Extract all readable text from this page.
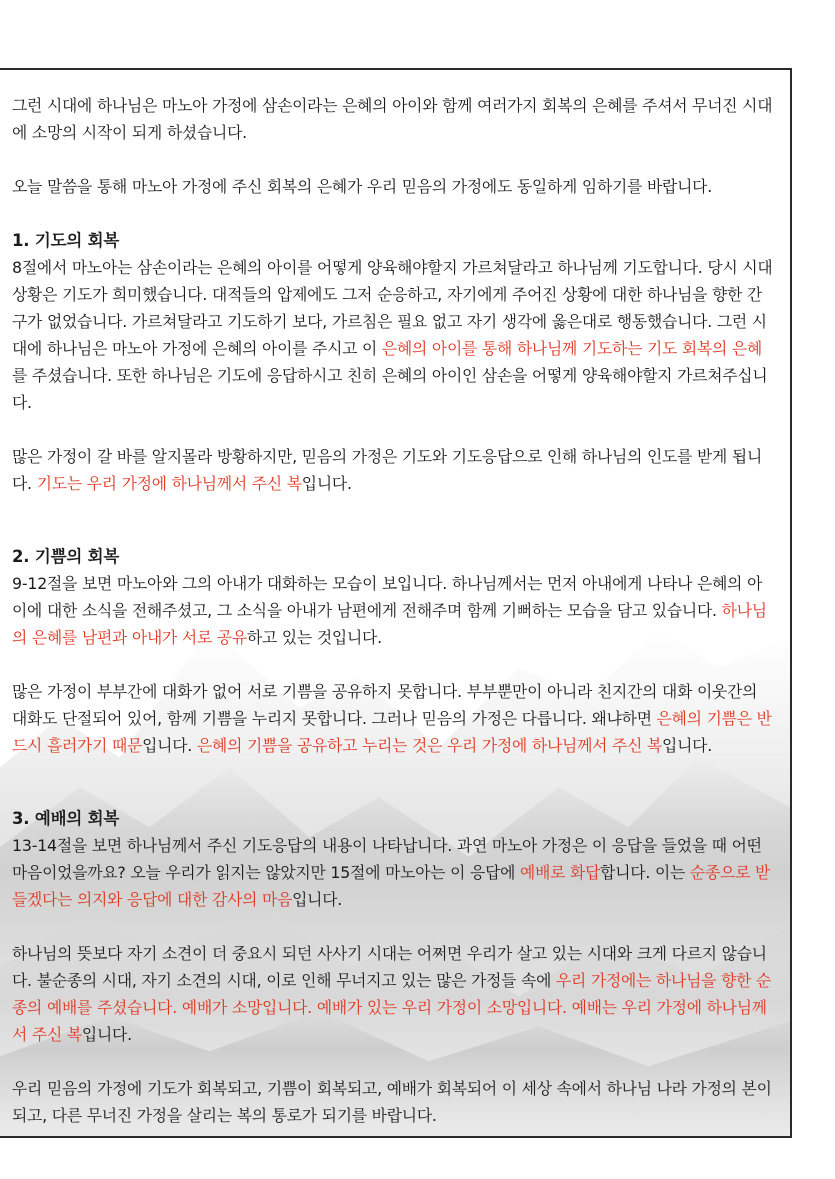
그런 시대에 하나님은 마노아 가정에 삼손이라는 은혜의 아이와 함께 여러가지 회복의 은혜를 주셔서 무너진 시대에 소망의 시작이 되게 하셨습니다.

오늘 말씀을 통해 마노아 가정에 주신 회복의 은혜가 우리 믿음의 가정에도 동일하게 임하기를 바랍니다.

1. 기도의 회복

8절에서 마노아는 삼손이라는 은혜의 아이를 어떻게 양육해야할지 가르쳐달라고 하나님께 기도합니다. 당시 시대상황은 기도가 희미했습니다. 대적들의 압제에도 그저 순응하고, 자기에게 주어진 상황에 대한 하나님을 향한 간구가 없었습니다. 가르쳐달라고 기도하기 보다, 가르침은 필요 없고 자기 생각에 옳은대로 행동했습니다. 그런 시대에 하나님은 마노아 가정에 은혜의 아이를 주시고 이 은혜의 아이를 통해 하나님께 기도하는 기도 회복의 은혜를 주셨습니다. 또한 하나님은 기도에 응답하시고 친히 은혜의 아이인 삼손을 어떻게 양육해야할지 가르쳐주십니다.

많은 가정이 갈 바를 알지몰라 방황하지만, 믿음의 가정은 기도와 기도응답으로 인해 하나님의 인도를 받게 됩니다. 기도는 우리 가정에 하나님께서 주신 복입니다.

2. 기쁨의 회복

9-12절을 보면 마노아와 그의 아내가 대화하는 모습이 보입니다. 하나님께서는 먼저 아내에게 나타나 은혜의 아이에 대한 소식을 전해주셨고, 그 소식을 아내가 남편에게 전해주며 함께 기뻐하는 모습을 담고 있습니다. 하나님의 은혜를 남편과 아내가 서로 공유하고 있는 것입니다.

많은 가정이 부부간에 대화가 없어 서로 기쁨을 공유하지 못합니다. 부부뿐만이 아니라 친지간의 대화 이웃간의 대화도 단절되어 있어, 함께 기쁨을 누리지 못합니다. 그러나 믿음의 가정은 다릅니다. 왜냐하면 은혜의 기쁨은 반드시 흘러가기 때문입니다. 은혜의 기쁨을 공유하고 누리는 것은 우리 가정에 하나님께서 주신 복입니다.

3. 예배의 회복

13-14절을 보면 하나님께서 주신 기도응답의 내용이 나타납니다. 과연 마노아 가정은 이 응답을 들었을 때 어떤 마음이었을까요? 오늘 우리가 읽지는 않았지만 15절에 마노아는 이 응답에 예배로 화답합니다. 이는 순종으로 받들겠다는 의지와 응답에 대한 감사의 마음입니다.

하나님의 뜻보다 자기 소견이 더 중요시 되던 사사기 시대는 어쩌면 우리가 살고 있는 시대와 크게 다르지 않습니다. 불순종의 시대, 자기 소견의 시대, 이로 인해 무너지고 있는 많은 가정들 속에 우리 가정에는 하나님을 향한 순종의 예배를 주셨습니다. 예배가 소망입니다. 예배가 있는 우리 가정이 소망입니다. 예배는 우리 가정에 하나님께서 주신 복입니다.

우리 믿음의 가정에 기도가 회복되고, 기쁨이 회복되고, 예배가 회복되어 이 세상 속에서 하나님 나라 가정의 본이 되고, 다른 무너진 가정을 살리는 복의 통로가 되기를 바랍니다.
